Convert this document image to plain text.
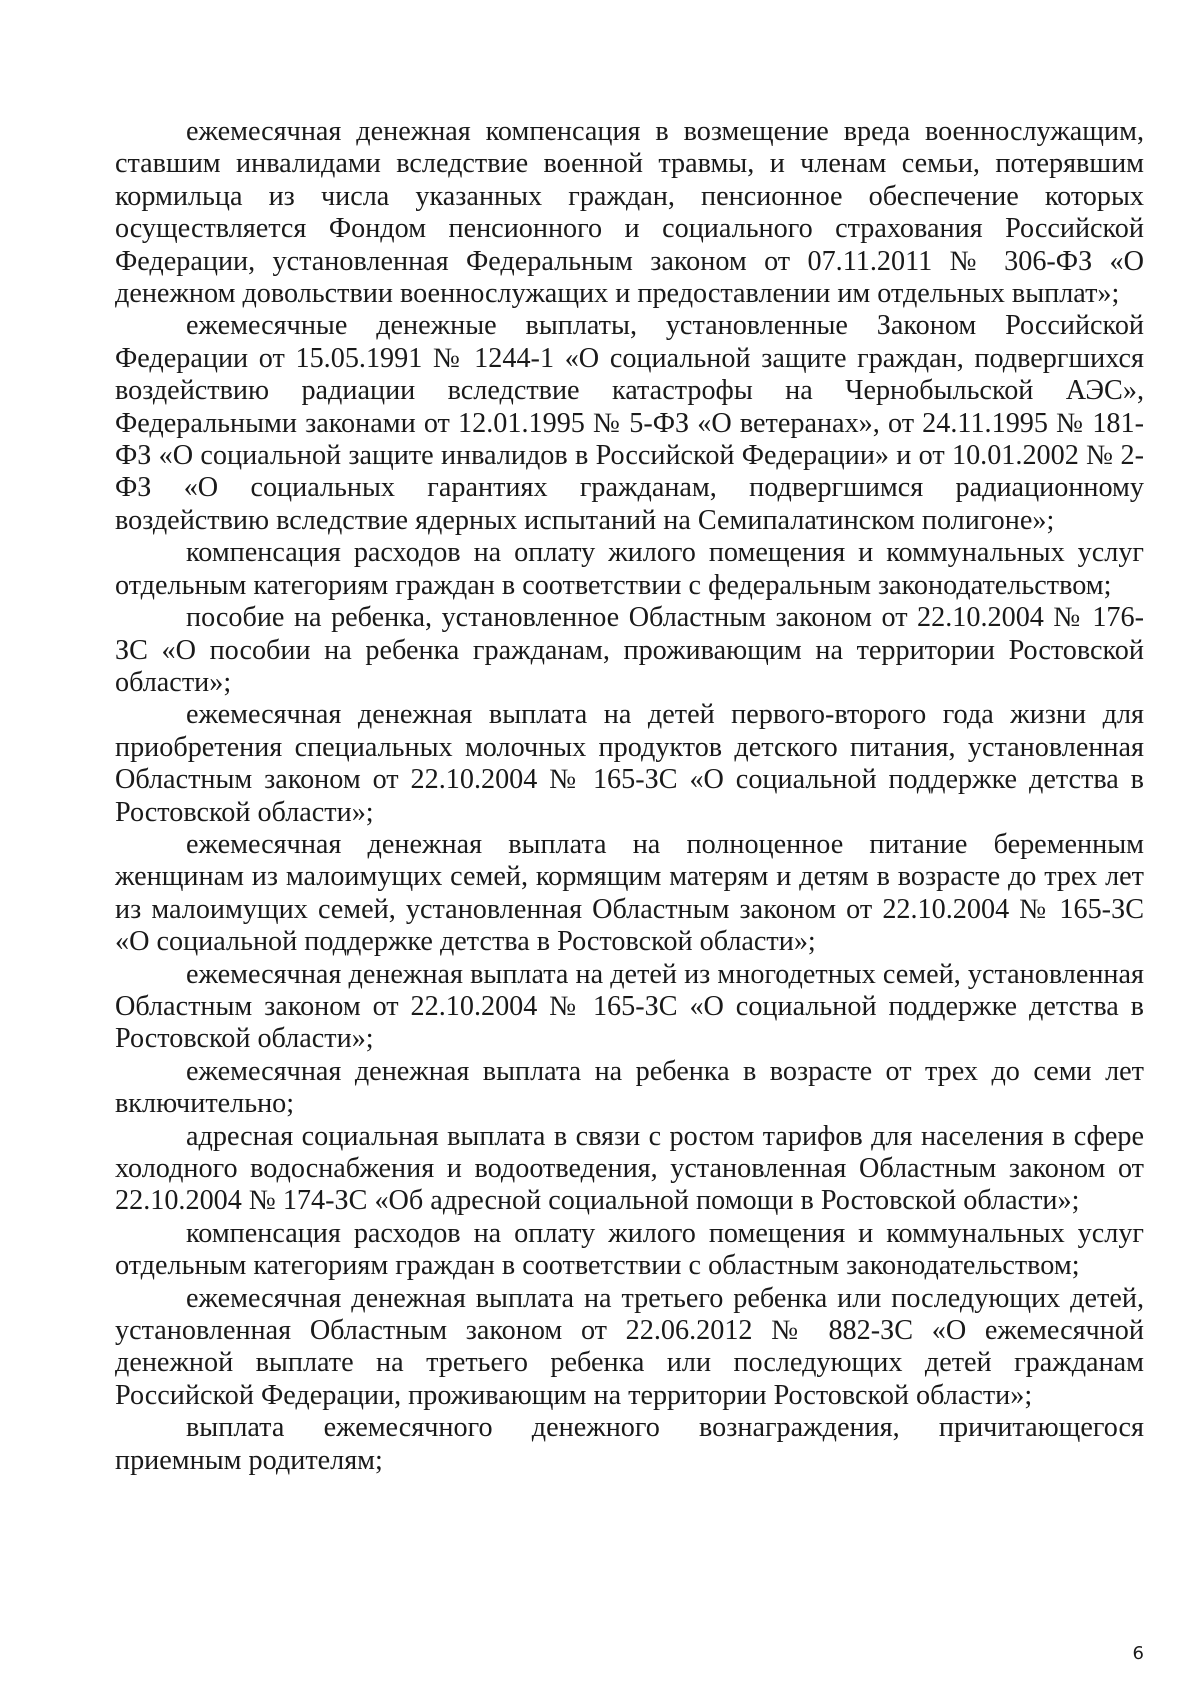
ежемесячная денежная компенсация в возмещение вреда военнослужащим, ставшим инвалидами вследствие военной травмы, и членам семьи, потерявшим кормильца из числа указанных граждан, пенсионное обеспечение которых осуществляется Фондом пенсионного и социального страхования Российской Федерации, установленная Федеральным законом от 07.11.2011 № 306-ФЗ «О денежном довольствии военнослужащих и предоставлении им отдельных выплат»;

ежемесячные денежные выплаты, установленные Законом Российской Федерации от 15.05.1991 № 1244-1 «О социальной защите граждан, подвергшихся воздействию радиации вследствие катастрофы на Чернобыльской АЭС», Федеральными законами от 12.01.1995 № 5-ФЗ «О ветеранах», от 24.11.1995 № 181-ФЗ «О социальной защите инвалидов в Российской Федерации» и от 10.01.2002 № 2-ФЗ «О социальных гарантиях гражданам, подвергшимся радиационному воздействию вследствие ядерных испытаний на Семипалатинском полигоне»;

компенсация расходов на оплату жилого помещения и коммунальных услуг отдельным категориям граждан в соответствии с федеральным законодательством;

пособие на ребенка, установленное Областным законом от 22.10.2004 № 176-ЗС «О пособии на ребенка гражданам, проживающим на территории Ростовской области»;

ежемесячная денежная выплата на детей первого-второго года жизни для приобретения специальных молочных продуктов детского питания, установленная Областным законом от 22.10.2004 № 165-ЗС «О социальной поддержке детства в Ростовской области»;

ежемесячная денежная выплата на полноценное питание беременным женщинам из малоимущих семей, кормящим матерям и детям в возрасте до трех лет из малоимущих семей, установленная Областным законом от 22.10.2004 № 165-ЗС «О социальной поддержке детства в Ростовской области»;

ежемесячная денежная выплата на детей из многодетных семей, установленная Областным законом от 22.10.2004 № 165-ЗС «О социальной поддержке детства в Ростовской области»;

ежемесячная денежная выплата на ребенка в возрасте от трех до семи лет включительно;

адресная социальная выплата в связи с ростом тарифов для населения в сфере холодного водоснабжения и водоотведения, установленная Областным законом от 22.10.2004 № 174-ЗС «Об адресной социальной помощи в Ростовской области»;

компенсация расходов на оплату жилого помещения и коммунальных услуг отдельным категориям граждан в соответствии с областным законодательством;

ежемесячная денежная выплата на третьего ребенка или последующих детей, установленная Областным законом от 22.06.2012 № 882-ЗС «О ежемесячной денежной выплате на третьего ребенка или последующих детей гражданам Российской Федерации, проживающим на территории Ростовской области»;

выплата ежемесячного денежного вознаграждения, причитающегося приемным родителям;

6
